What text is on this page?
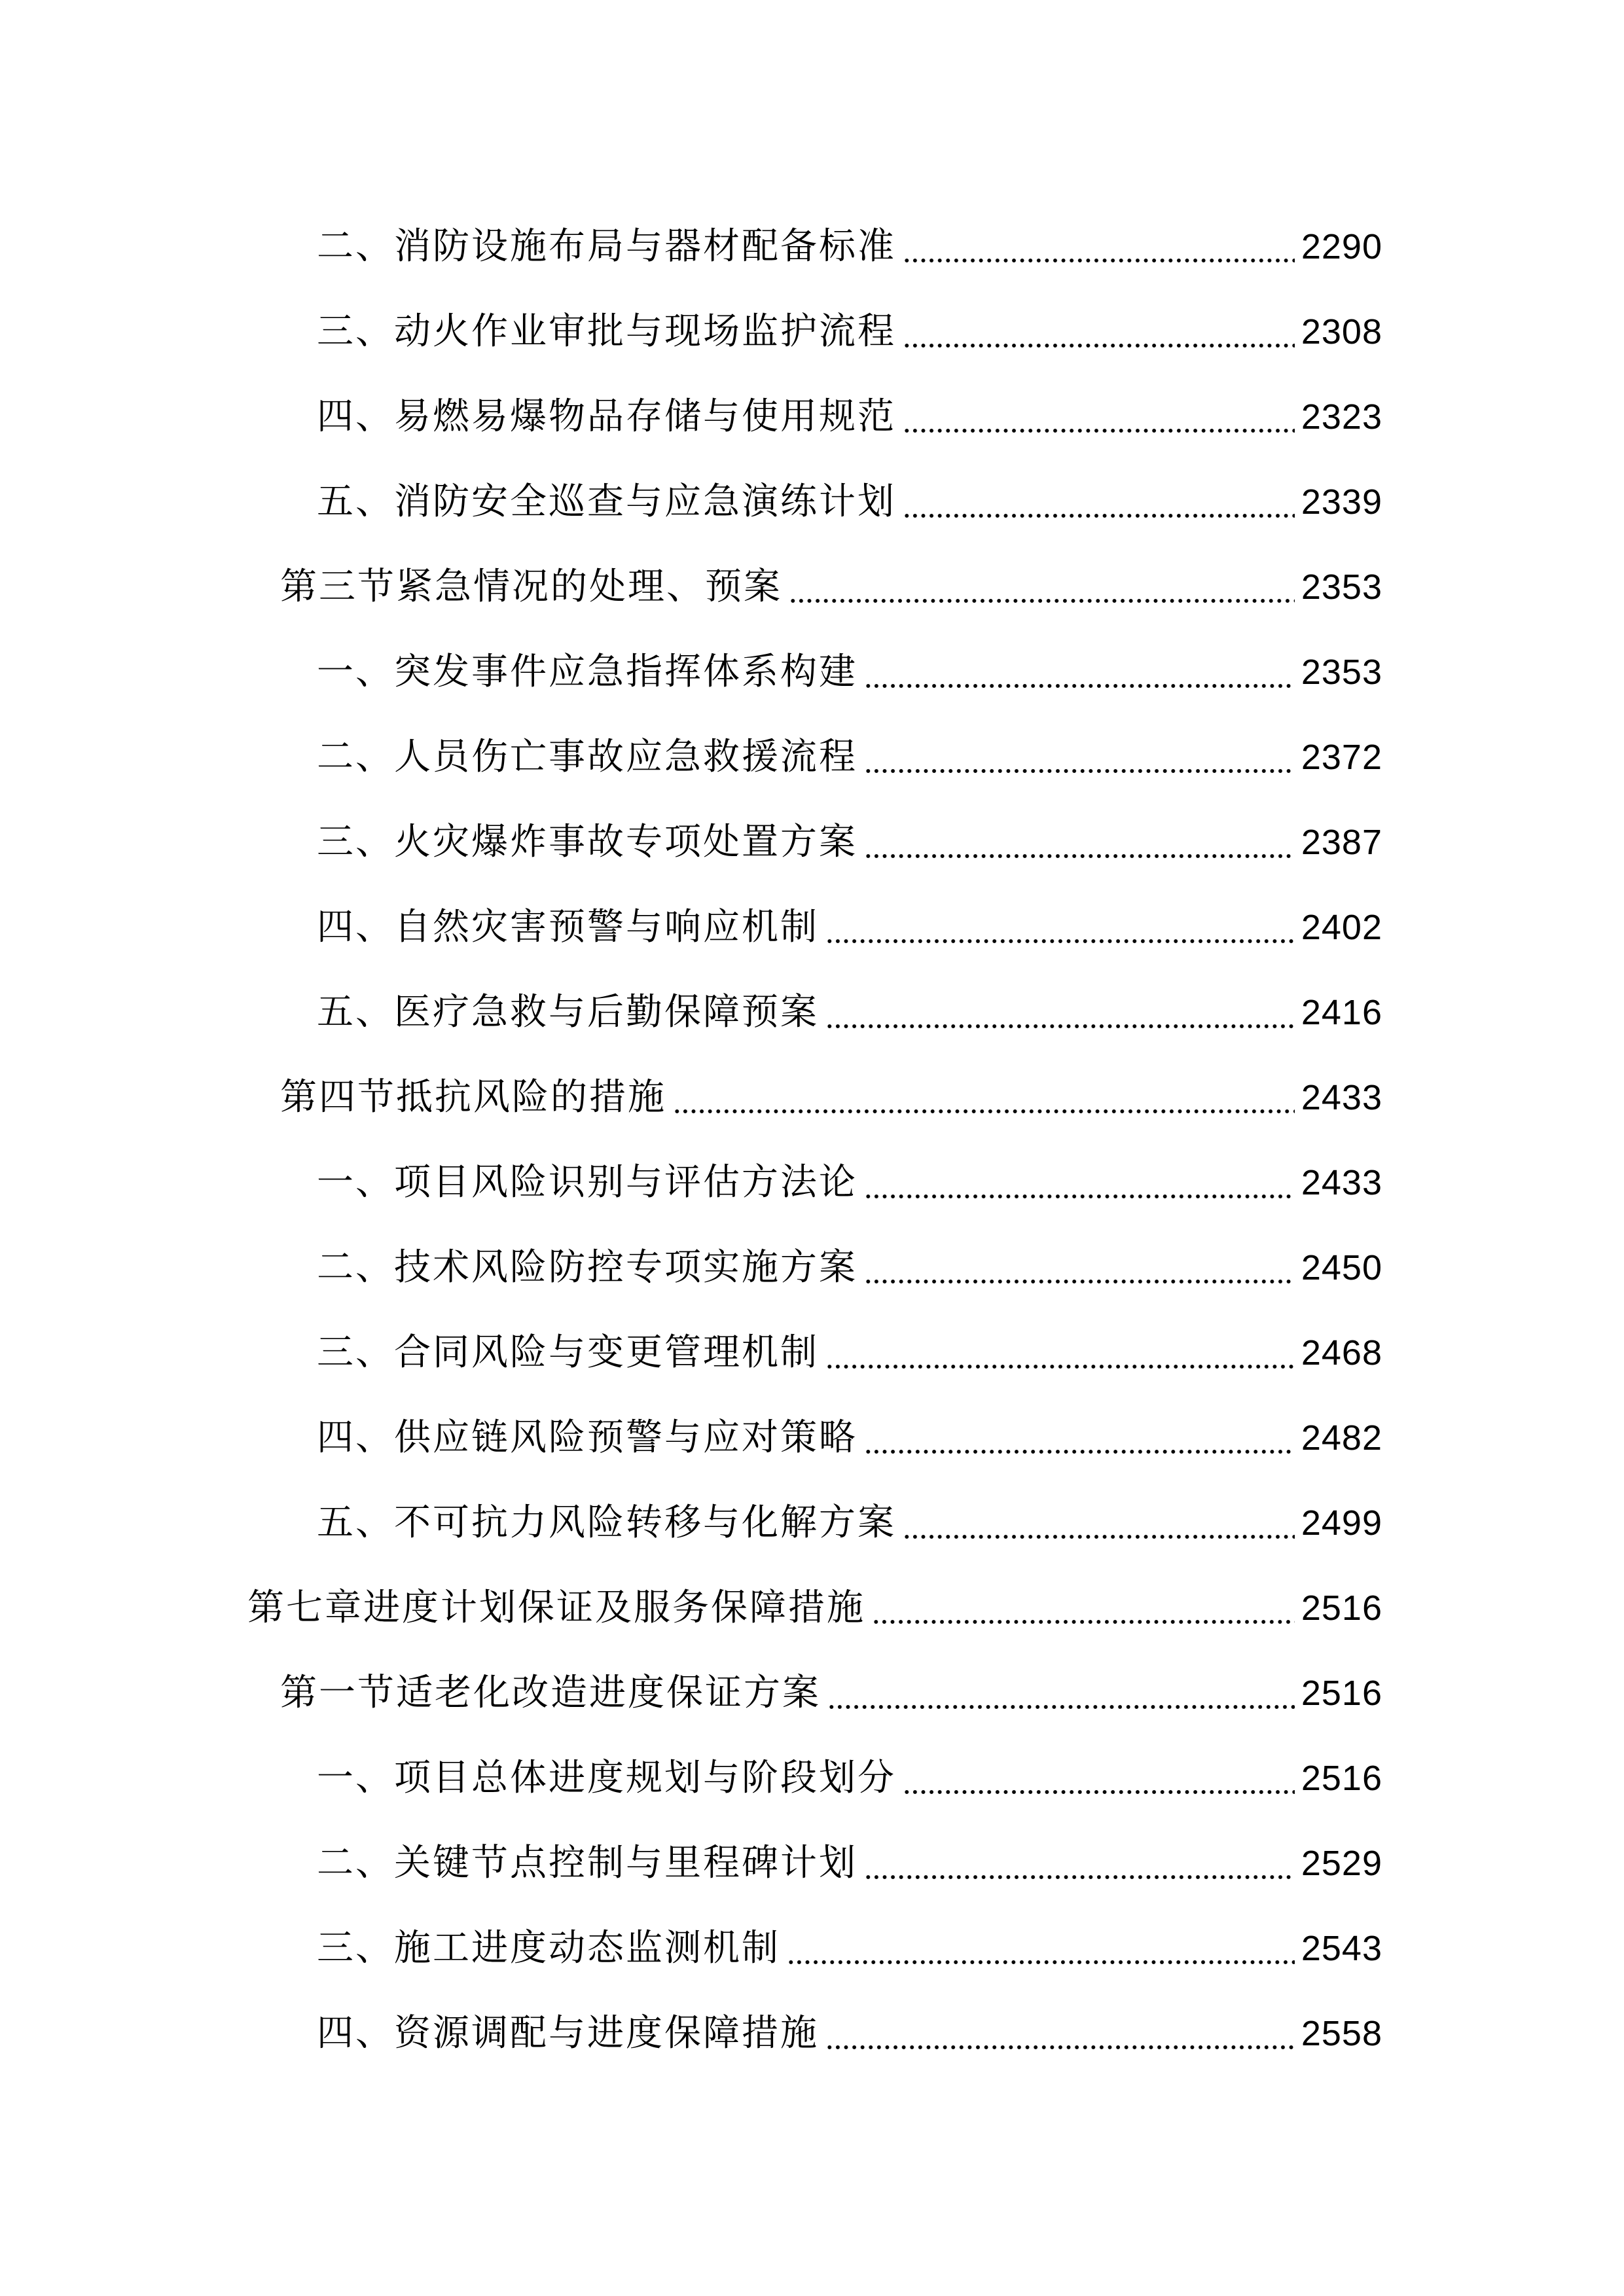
二、消防设施布局与器材配备标准	2290
三、动火作业审批与现场监护流程	2308
四、易燃易爆物品存储与使用规范	2323
五、消防安全巡查与应急演练计划	2339
第三节紧急情况的处理、预案	2353
一、突发事件应急指挥体系构建	2353
二、人员伤亡事故应急救援流程	2372
三、火灾爆炸事故专项处置方案	2387
四、自然灾害预警与响应机制	2402
五、医疗急救与后勤保障预案	2416
第四节抵抗风险的措施	2433
一、项目风险识别与评估方法论	2433
二、技术风险防控专项实施方案	2450
三、合同风险与变更管理机制	2468
四、供应链风险预警与应对策略	2482
五、不可抗力风险转移与化解方案	2499
第七章进度计划保证及服务保障措施	2516
第一节适老化改造进度保证方案	2516
一、项目总体进度规划与阶段划分	2516
二、关键节点控制与里程碑计划	2529
三、施工进度动态监测机制	2543
四、资源调配与进度保障措施	2558
